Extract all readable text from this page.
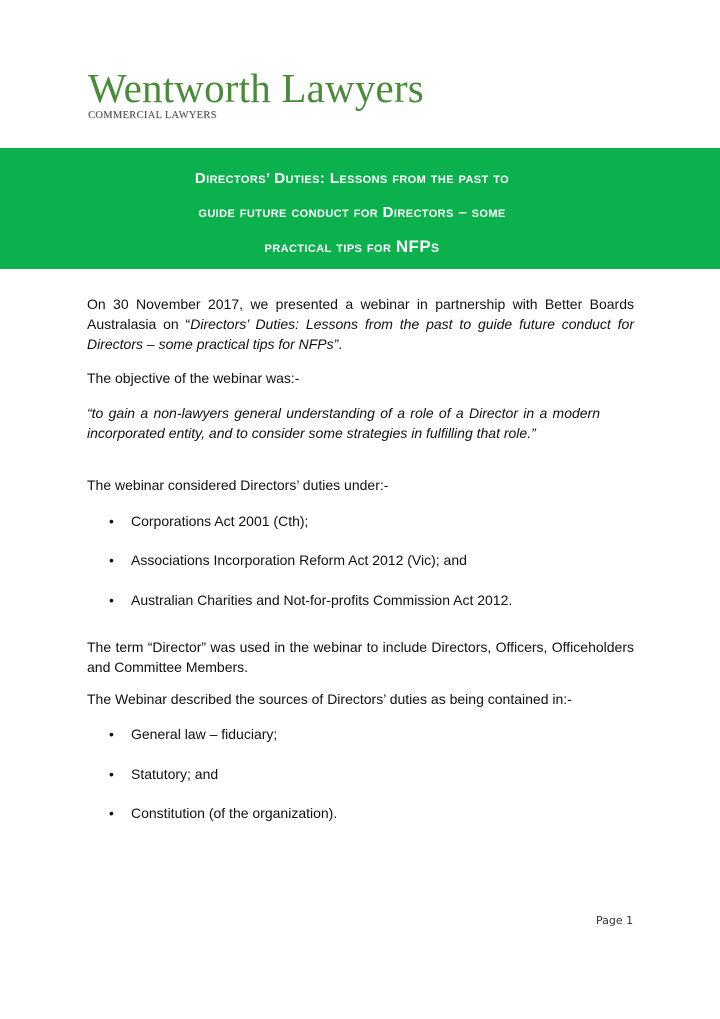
Wentworth Lawyers
COMMERCIAL LAWYERS
Directors’ Duties: Lessons from the past to
guide future conduct for Directors – some
practical tips for NFPs

On 30 November 2017, we presented a webinar in partnership with Better Boards Australasia on “Directors’ Duties: Lessons from the past to guide future conduct for Directors – some practical tips for NFPs”.

The objective of the webinar was:-

“to gain a non-lawyers general understanding of a role of a Director in a modern incorporated entity, and to consider some strategies in fulfilling that role.”

The webinar considered Directors’ duties under:-

• Corporations Act 2001 (Cth);
• Associations Incorporation Reform Act 2012 (Vic); and
• Australian Charities and Not-for-profits Commission Act 2012.

The term “Director” was used in the webinar to include Directors, Officers, Officeholders and Committee Members.

The Webinar described the sources of Directors’ duties as being contained in:-

• General law – fiduciary;
• Statutory; and
• Constitution (of the organization).
Page 1
